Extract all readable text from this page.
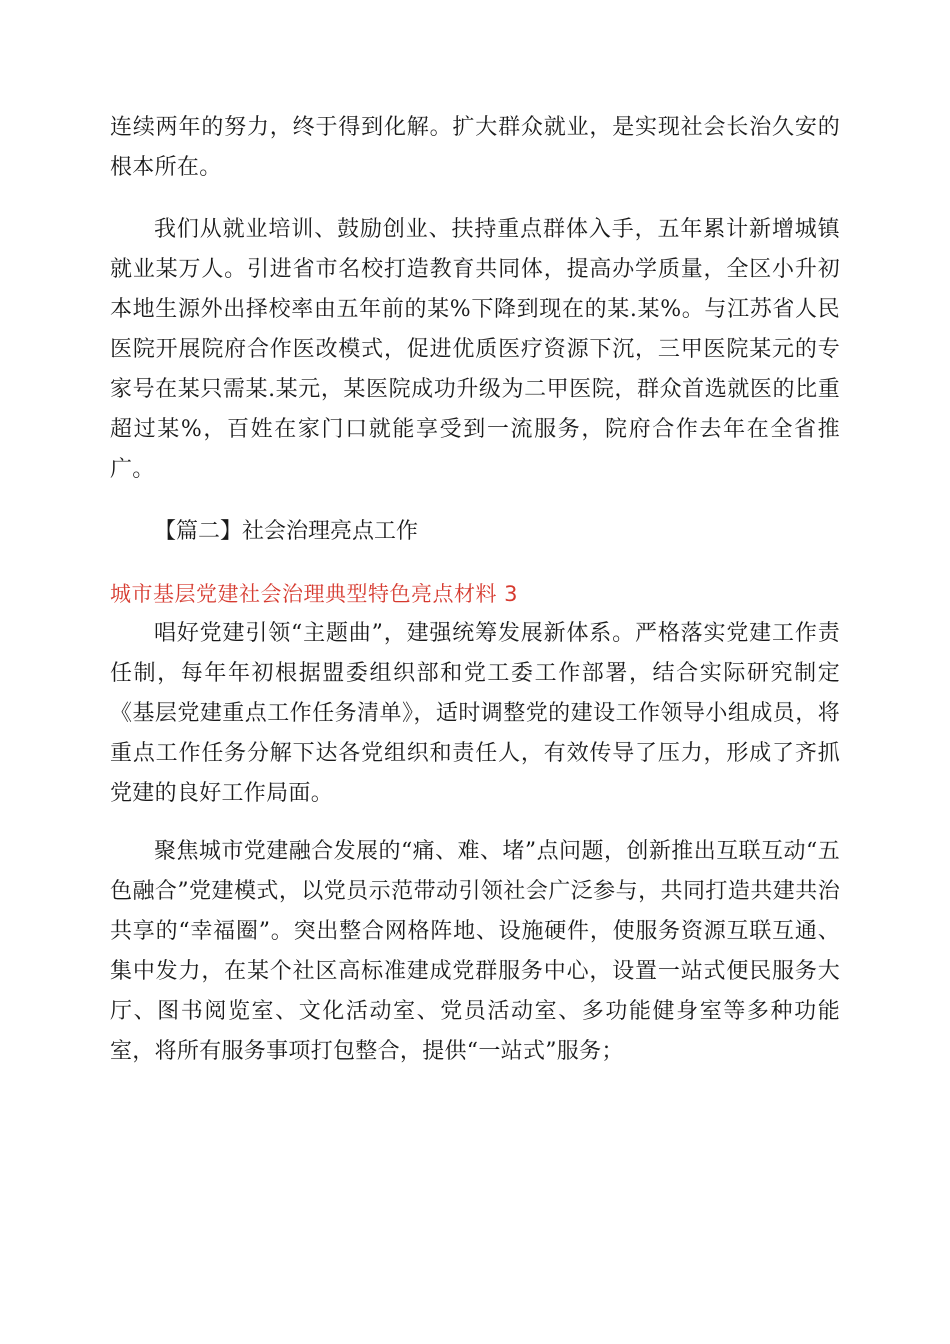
连续两年的努力，终于得到化解。扩大群众就业，是实现社会长治久安的根本所在。

我们从就业培训、鼓励创业、扶持重点群体入手，五年累计新增城镇就业某万人。引进省市名校打造教育共同体，提高办学质量，全区小升初本地生源外出择校率由五年前的某%下降到现在的某.某%。与江苏省人民医院开展院府合作医改模式，促进优质医疗资源下沉，三甲医院某元的专家号在某只需某.某元，某医院成功升级为二甲医院，群众首选就医的比重超过某%，百姓在家门口就能享受到一流服务，院府合作去年在全省推广。

【篇二】社会治理亮点工作

城市基层党建社会治理典型特色亮点材料 3

唱好党建引领“主题曲”，建强统筹发展新体系。严格落实党建工作责任制，每年年初根据盟委组织部和党工委工作部署，结合实际研究制定《基层党建重点工作任务清单》，适时调整党的建设工作领导小组成员，将重点工作任务分解下达各党组织和责任人，有效传导了压力，形成了齐抓党建的良好工作局面。

聚焦城市党建融合发展的“痛、难、堵”点问题，创新推出互联互动“五色融合”党建模式，以党员示范带动引领社会广泛参与，共同打造共建共治共享的“幸福圈”。突出整合网格阵地、设施硬件，使服务资源互联互通、集中发力，在某个社区高标准建成党群服务中心，设置一站式便民服务大厅、图书阅览室、文化活动室、党员活动室、多功能健身室等多种功能室，将所有服务事项打包整合，提供“一站式”服务；
